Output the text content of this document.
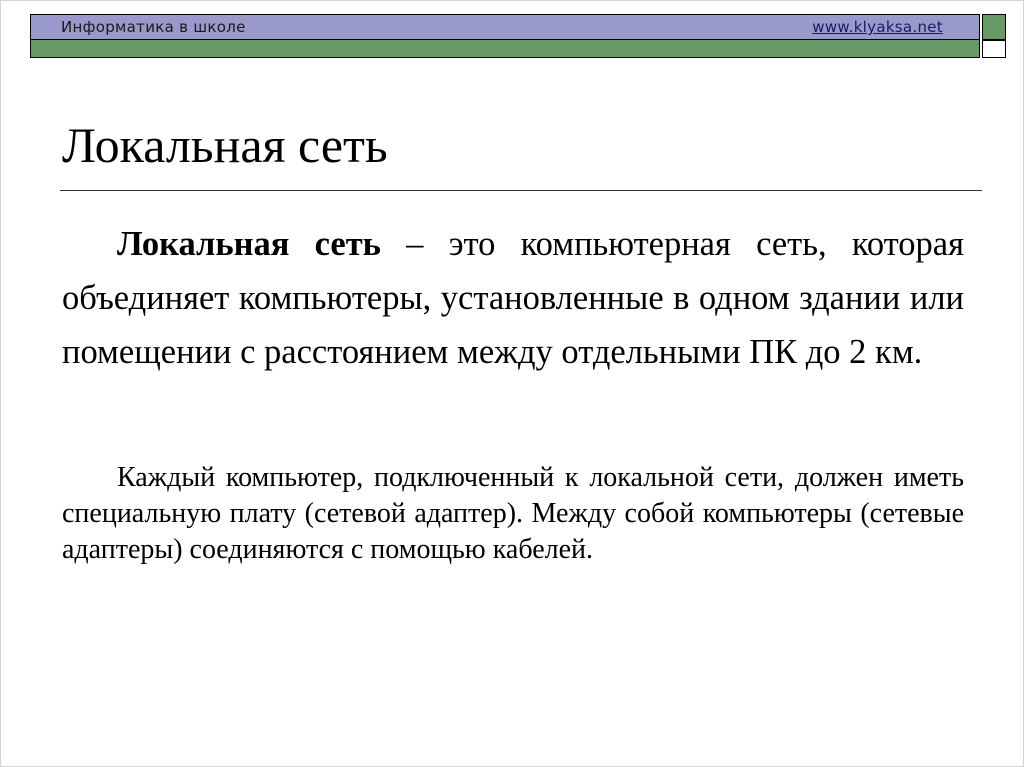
Информатика в школе	www.klyaksa.net
Локальная сеть

Локальная сеть – это компьютерная сеть, которая объединяет компьютеры, установленные в одном здании или помещении с расстоянием между отдельными ПК до 2 км.

Каждый компьютер, подключенный к локальной сети, должен иметь специальную плату (сетевой адаптер). Между собой компьютеры (сетевые адаптеры) соединяются с помощью кабелей.
